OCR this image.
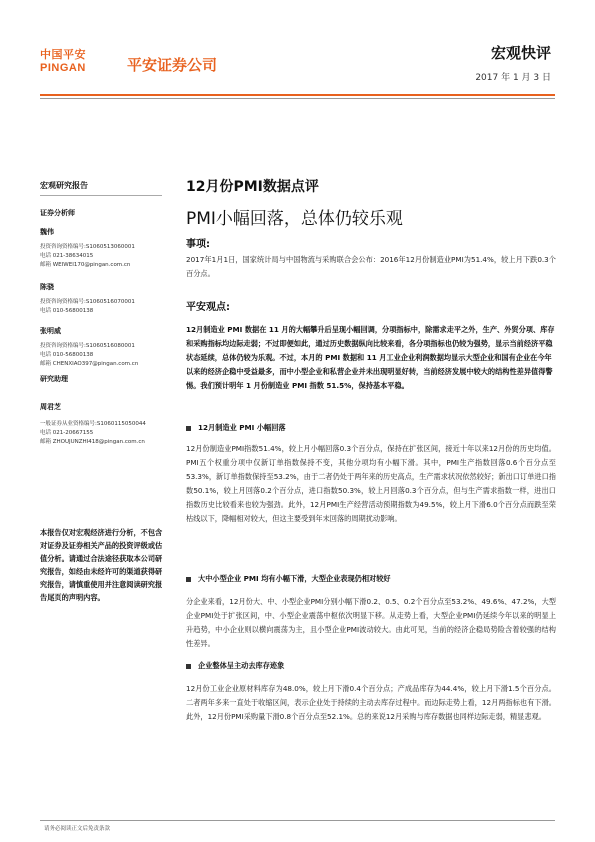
中国平安
PINGAN	平安证券公司
宏观快评
2017 年 1 月 3 日
宏观研究报告
证券分析师
魏伟
投资咨询资格编号:S1060513060001
电话 021-38634015
邮箱 WEIWEI170@pingan.com.cn
陈骁
投资咨询资格编号:S1060516070001
电话 010-56800138
张明威
投资咨询资格编号:S1060516080001
电话 010-56800138
邮箱 CHENXIAO397@pingan.com.cn
研究助理
周君芝
一般证券从业资格编号:S1060115050044
电话 021-20667155
邮箱 ZHOUJUNZHI418@pingan.com.cn
本报告仅对宏观经济进行分析，不包含对证券及证券相关产品的投资评级或估值分析。请通过合法途径获取本公司研究报告，如经由未经许可的渠道获得研究报告，请慎重使用并注意阅读研究报告尾页的声明内容。
12月份PMI数据点评
PMI小幅回落，总体仍较乐观
事项:
2017年1月1日，国家统计局与中国物流与采购联合会公布：2016年12月份制造业PMI为51.4%，较上月下跌0.3个百分点。
平安观点:
12月制造业 PMI 数据在 11 月的大幅攀升后呈现小幅回调，分项指标中，除需求走平之外，生产、外贸分项、库存和采购指标均边际走弱；不过即便如此，通过历史数据纵向比较来看，各分项指标也仍较为强势，显示当前经济平稳状态延续，总体仍较为乐观。不过，本月的 PMI 数据和 11 月工业企业利润数据均显示大型企业和国有企业在今年以来的经济企稳中受益最多，而中小型企业和私营企业并未出现明显好转，当前经济发展中较大的结构性差异值得警惕。我们预计明年 1 月份制造业 PMI 指数 51.5%，保持基本平稳。
12月制造业 PMI 小幅回落
12月份制造业PMI指数51.4%，较上月小幅回落0.3个百分点，保持在扩张区间，接近十年以来12月份的历史均值。PMI五个权重分项中仅新订单指数保持不变，其他分项均有小幅下滑。其中，PMI生产指数回落0.6个百分点至53.3%，新订单指数保持至53.2%，由于二者仍处于两年来的历史高点，生产需求状况依然较好；新出口订单进口指数50.1%，较上月回落0.2个百分点，进口指数50.3%，较上月回落0.3个百分点，但与生产需求指数一样，进出口指数历史比较看来也较为强劲。此外，12月PMI生产经营活动预期指数为49.5%，较上月下滑6.0个百分点而跌至荣枯线以下，降幅相对较大，但这主要受到年末回落的周期扰动影响。
大中小型企业 PMI 均有小幅下滑，大型企业表现仍相对较好
分企业来看，12月份大、中、小型企业PMI分别小幅下滑0.2、0.5、0.2个百分点至53.2%、49.6%、47.2%，大型企业PMI处于扩张区间，中、小型企业震荡中枢依次明显下移。从走势上看，大型企业PMI仍延续今年以来的明显上升趋势，中小企业则以横向震荡为主，且小型企业PMI波动较大。由此可见，当前的经济企稳局势险含着较强的结构性差异。
企业整体呈主动去库存迹象
12月份工业企业原材料库存为48.0%，较上月下滑0.4个百分点；产成品库存为44.4%，较上月下滑1.5个百分点。二者两年多来一直处于收缩区间，表示企业处于持续的主动去库存过程中。而边际走势上看，12月两指标也有下滑。此外，12月份PMI采购量下滑0.8个百分点至52.1%。总的来说12月采购与库存数据也同样边际走弱，精显悲观。
请务必阅读正文后免责条款
